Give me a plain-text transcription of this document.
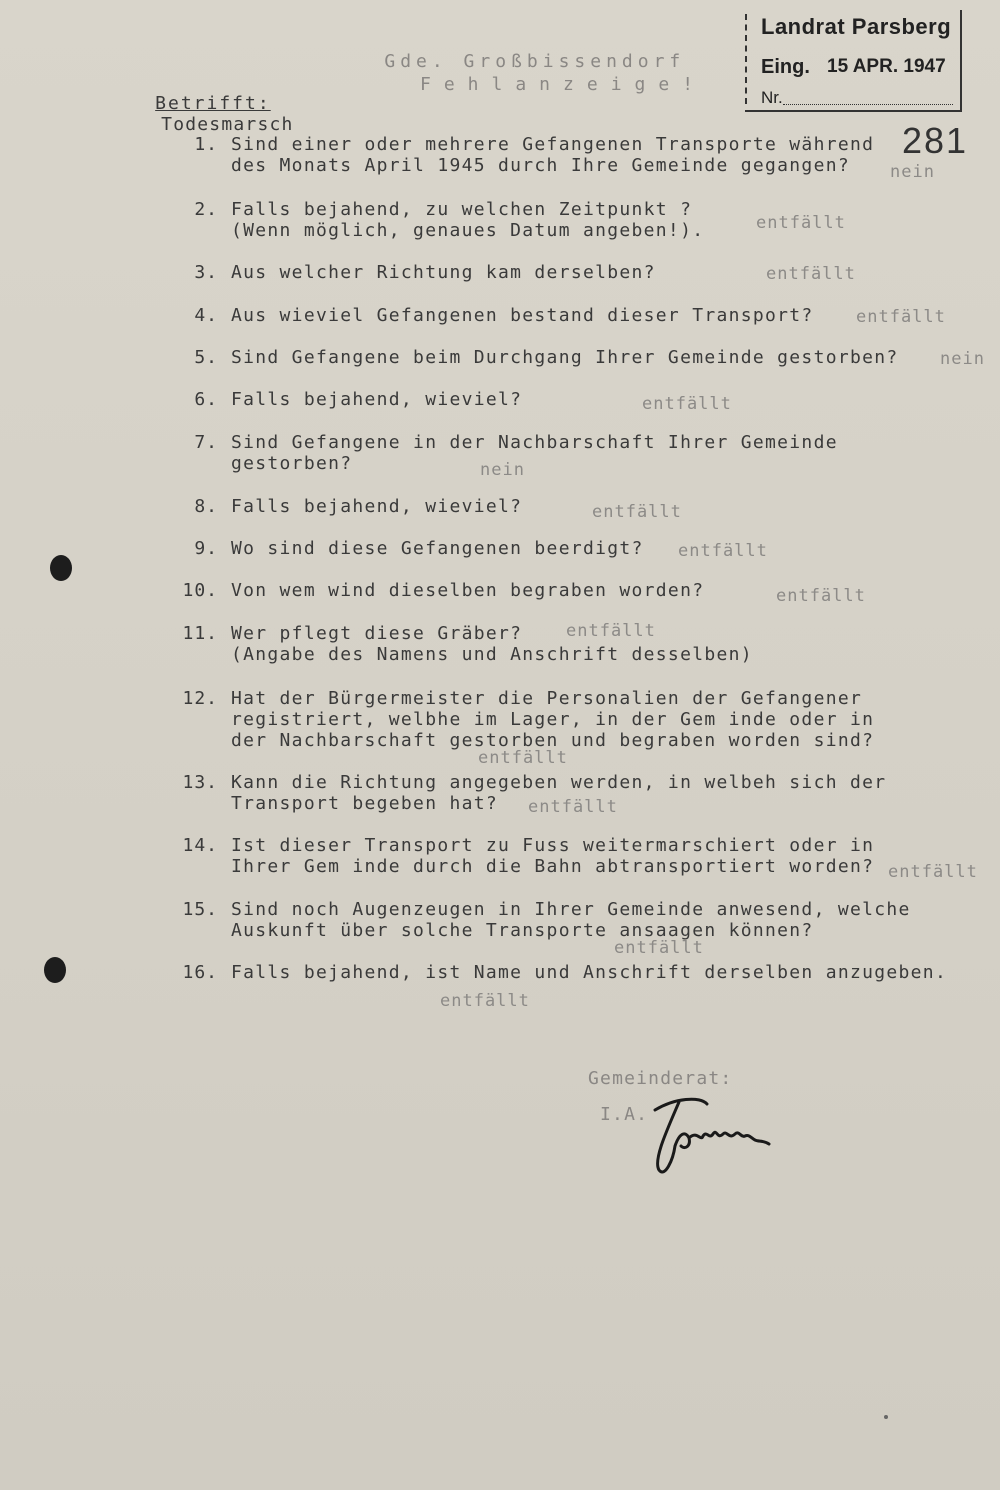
Gde. Großbissendorf

Betrifft:
Todesmarsch

Fehlanzeige!
Landrat Parsberg
Eing. 15 APR. 1947
Nr.
281
1. Sind einer oder mehrere Gefangenen Transporte während
des Monats April 1945 durch Ihre Gemeinde gegangen? nein
2. Falls bejahend, zu welchen Zeitpunkt ?
(Wenn möglich, genaues Datum angeben!).	entfällt
3. Aus welcher Richtung kam derselben?	entfällt
4. Aus wieviel Gefangenen bestand dieser Transport? entfällt
5. Sind Gefangene beim Durchgang Ihrer Gemeinde gestorben? nein
6. Falls bejahend, wieviel?	entfällt
7. Sind Gefangene in der Nachbarschaft Ihrer Gemeinde
gestorben?	nein
8. Falls bejahend, wieviel?	entfällt
9. Wo sind diese Gefangenen beerdigt? entfällt
10. Von wem wind dieselben begraben worden?	entfällt
11. Wer pflegt diese Gräber?
(Angabe des Namens und Anschrift desselben)
entfällt
12. Hat der Bürgermeister die Personalien der Gefangener
registriert, welbhe im Lager, in der Gem inde oder in
der Nachbarschaft gestorben und begraben worden sind?
entfällt
13. Kann die Richtung angegeben werden, in welbeh sich der
Transport begeben hat? entfällt
14. Ist dieser Transport zu Fuss weitermarschiert oder in
Ihrer Gem inde durch die Bahn abtransportiert worden? entfällt
15. Sind noch Augenzeugen in Ihrer Gemeinde anwesend, welche
Auskunft über solche Transporte ansaagen können?
entfällt
16. Falls bejahend, ist Name und Anschrift derselben anzugeben.
entfällt
Gemeinderat:
I.A.
